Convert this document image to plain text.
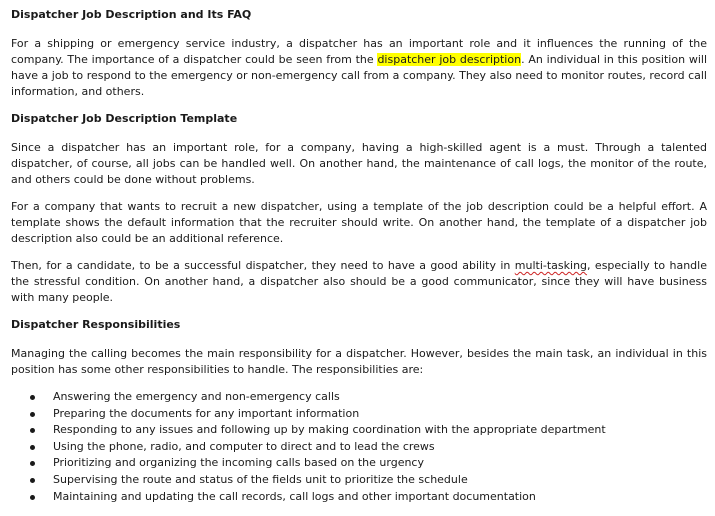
Dispatcher Job Description and Its FAQ

For a shipping or emergency service industry, a dispatcher has an important role and it influences the running of the company. The importance of a dispatcher could be seen from the dispatcher job description. An individual in this position will have a job to respond to the emergency or non-emergency call from a company. They also need to monitor routes, record call information, and others.

Dispatcher Job Description Template

Since a dispatcher has an important role, for a company, having a high-skilled agent is a must. Through a talented dispatcher, of course, all jobs can be handled well. On another hand, the maintenance of call logs, the monitor of the route, and others could be done without problems.

For a company that wants to recruit a new dispatcher, using a template of the job description could be a helpful effort. A template shows the default information that the recruiter should write. On another hand, the template of a dispatcher job description also could be an additional reference.

Then, for a candidate, to be a successful dispatcher, they need to have a good ability in multi-tasking, especially to handle the stressful condition. On another hand, a dispatcher also should be a good communicator, since they will have business with many people.

Dispatcher Responsibilities

Managing the calling becomes the main responsibility for a dispatcher. However, besides the main task, an individual in this position has some other responsibilities to handle. The responsibilities are:

Answering the emergency and non-emergency calls
Preparing the documents for any important information
Responding to any issues and following up by making coordination with the appropriate department
Using the phone, radio, and computer to direct and to lead the crews
Prioritizing and organizing the incoming calls based on the urgency
Supervising the route and status of the fields unit to prioritize the schedule
Maintaining and updating the call records, call logs and other important documentation
